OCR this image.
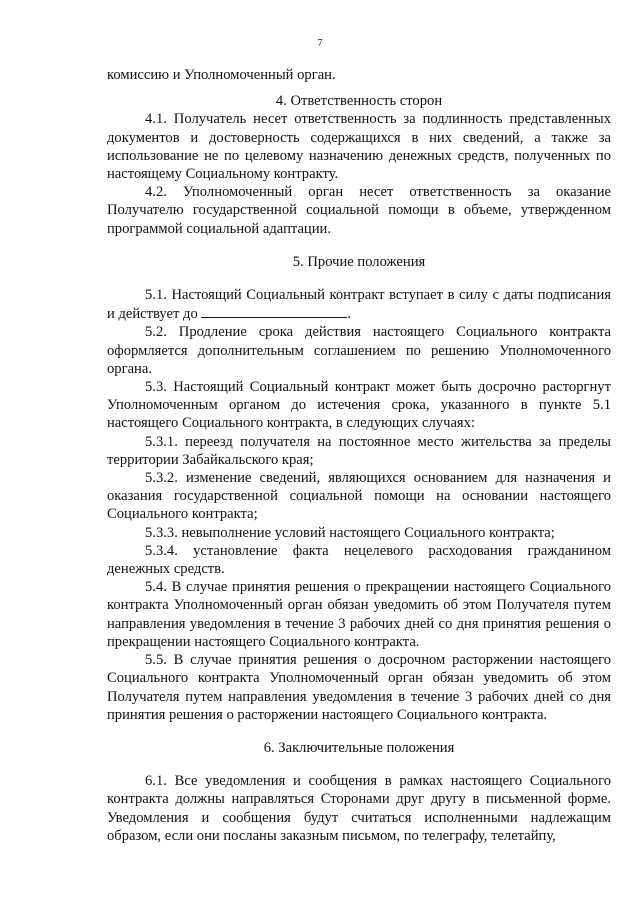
7

комиссию и Уполномоченный орган.

4. Ответственность сторон

4.1. Получатель несет ответственность за подлинность представленных документов и достоверность содержащихся в них сведений, а также за использование не по целевому назначению денежных средств, полученных по настоящему Социальному контракту.

4.2. Уполномоченный орган несет ответственность за оказание Получателю государственной социальной помощи в объеме, утвержденном программой социальной адаптации.

5. Прочие положения

5.1. Настоящий Социальный контракт вступает в силу с даты подписания и действует до	.

5.2. Продление срока действия настоящего Социального контракта оформляется дополнительным соглашением по решению Уполномоченного органа.

5.3. Настоящий Социальный контракт может быть досрочно расторгнут Уполномоченным органом до истечения срока, указанного в пункте 5.1 настоящего Социального контракта, в следующих случаях:

5.3.1. переезд получателя на постоянное место жительства за пределы территории Забайкальского края;

5.3.2. изменение сведений, являющихся основанием для назначения и оказания государственной социальной помощи на основании настоящего Социального контракта;

5.3.3. невыполнение условий настоящего Социального контракта;

5.3.4. установление факта нецелевого расходования гражданином денежных средств.

5.4. В случае принятия решения о прекращении настоящего Социального контракта Уполномоченный орган обязан уведомить об этом Получателя путем направления уведомления в течение 3 рабочих дней со дня принятия решения о прекращении настоящего Социального контракта.

5.5. В случае принятия решения о досрочном расторжении настоящего Социального контракта Уполномоченный орган обязан уведомить об этом Получателя путем направления уведомления в течение 3 рабочих дней со дня принятия решения о расторжении настоящего Социального контракта.

6. Заключительные положения

6.1. Все уведомления и сообщения в рамках настоящего Социального контракта должны направляться Сторонами друг другу в письменной форме. Уведомления и сообщения будут считаться исполненными надлежащим образом, если они посланы заказным письмом, по телеграфу, телетайпу,
